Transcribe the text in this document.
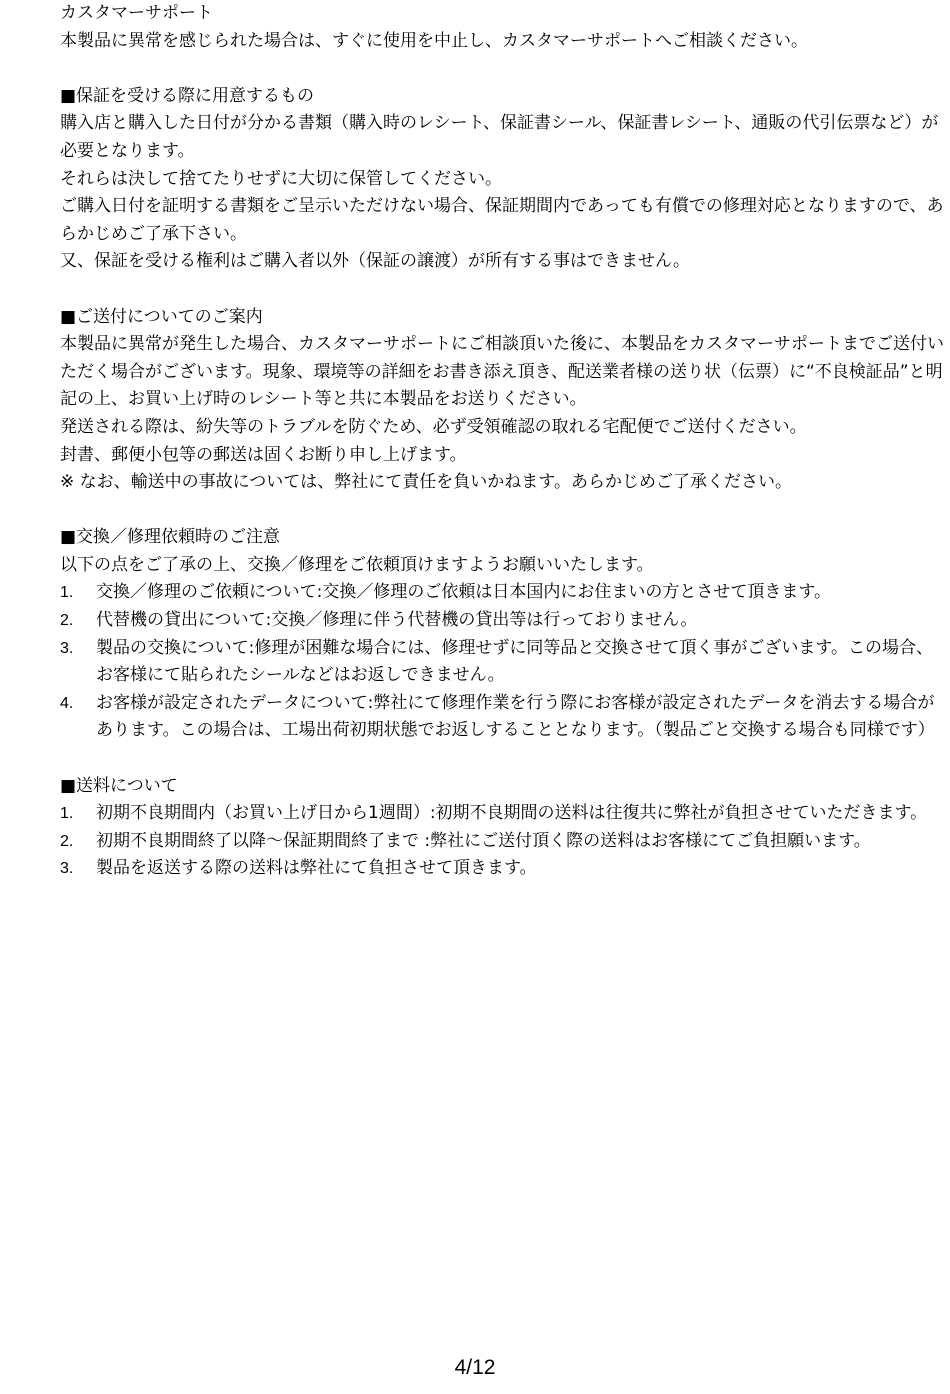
カスタマーサポート

本製品に異常を感じられた場合は、すぐに使用を中止し、カスタマーサポートへご相談ください。

■保証を受ける際に用意するもの

購入店と購入した日付が分かる書類（購入時のレシート、保証書シール、保証書レシート、通販の代引伝票など）が必要となります。

それらは決して捨てたりせずに大切に保管してください。

ご購入日付を証明する書類をご呈示いただけない場合、保証期間内であっても有償での修理対応となりますので、あらかじめご了承下さい。

又、保証を受ける権利はご購入者以外（保証の譲渡）が所有する事はできません。

■ご送付についてのご案内

本製品に異常が発生した場合、カスタマーサポートにご相談頂いた後に、本製品をカスタマーサポートまでご送付いただく場合がございます。現象、環境等の詳細をお書き添え頂き、配送業者様の送り状（伝票）に“不良検証品”と明記の上、お買い上げ時のレシート等と共に本製品をお送りください。

発送される際は、紛失等のトラブルを防ぐため、必ず受領確認の取れる宅配便でご送付ください。

封書、郵便小包等の郵送は固くお断り申し上げます。

※ なお、輸送中の事故については、弊社にて責任を負いかねます。あらかじめご了承ください。

■交換／修理依頼時のご注意

以下の点をご了承の上、交換／修理をご依頼頂けますようお願いいたします。

1. 交換／修理のご依頼について:交換／修理のご依頼は日本国内にお住まいの方とさせて頂きます。
2. 代替機の貸出について:交換／修理に伴う代替機の貸出等は行っておりません。
3. 製品の交換について:修理が困難な場合には、修理せずに同等品と交換させて頂く事がございます。この場合、お客様にて貼られたシールなどはお返しできません。
4. お客様が設定されたデータについて:弊社にて修理作業を行う際にお客様が設定されたデータを消去する場合があります。この場合は、工場出荷初期状態でお返しすることとなります。（製品ごと交換する場合も同様です）

■送料について

1. 初期不良期間内（お買い上げ日から1週間）:初期不良期間の送料は往復共に弊社が負担させていただきます。
2. 初期不良期間終了以降～保証期間終了まで :弊社にご送付頂く際の送料はお客様にてご負担願います。
3. 製品を返送する際の送料は弊社にて負担させて頂きます。
4/12
